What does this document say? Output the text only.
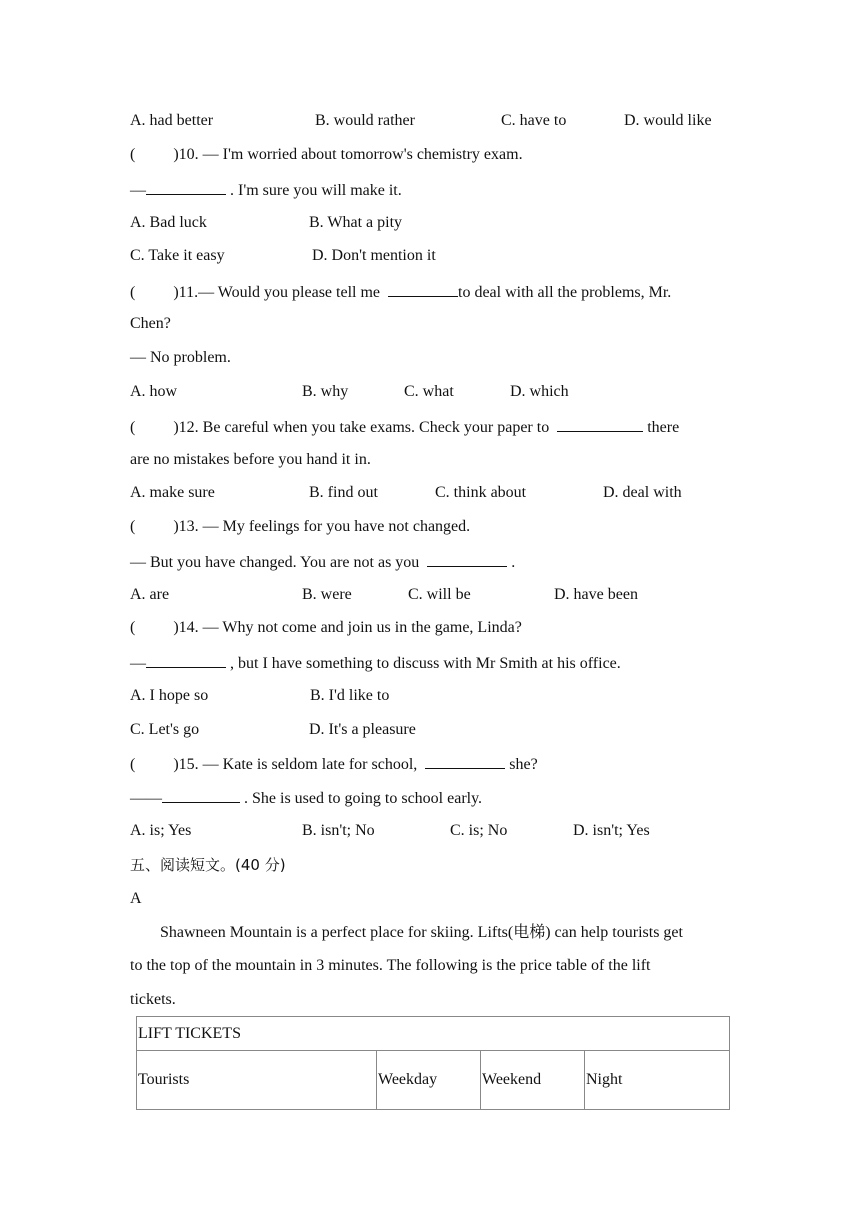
A. had better	B. would rather	C. have to	D. would like
( )10. — I'm worried about tomorrow's chemistry exam.
—	. I'm sure you will make it.
A. Bad luck	B. What a pity
C. Take it easy	D. Don't mention it
( )11.— Would you please tell me	to deal with all the problems, Mr.
Chen?
— No problem.
A. how	B. why	C. what	D. which
( )12. Be careful when you take exams. Check your paper to	there
are no mistakes before you hand it in.
A. make sure	B. find out	C. think about	D. deal with
( )13. — My feelings for you have not changed.
— But you have changed. You are not as you	.
A. are	B. were	C. will be	D. have been
( )14. — Why not come and join us in the game, Linda?
—	, but I have something to discuss with Mr Smith at his office.
A. I hope so	B. I'd like to
C. Let's go	D. It's a pleasure
( )15. — Kate is seldom late for school,	she?
——	. She is used to going to school early.
A. is; Yes	B. isn't; No	C. is; No	D. isn't; Yes
五、阅读短文。(40 分)
A
Shawneen Mountain is a perfect place for skiing. Lifts(电梯) can help tourists get
to the top of the mountain in 3 minutes. The following is the price table of the lift
tickets.
LIFT TICKETS
Tourists	Weekday	Weekend	Night
